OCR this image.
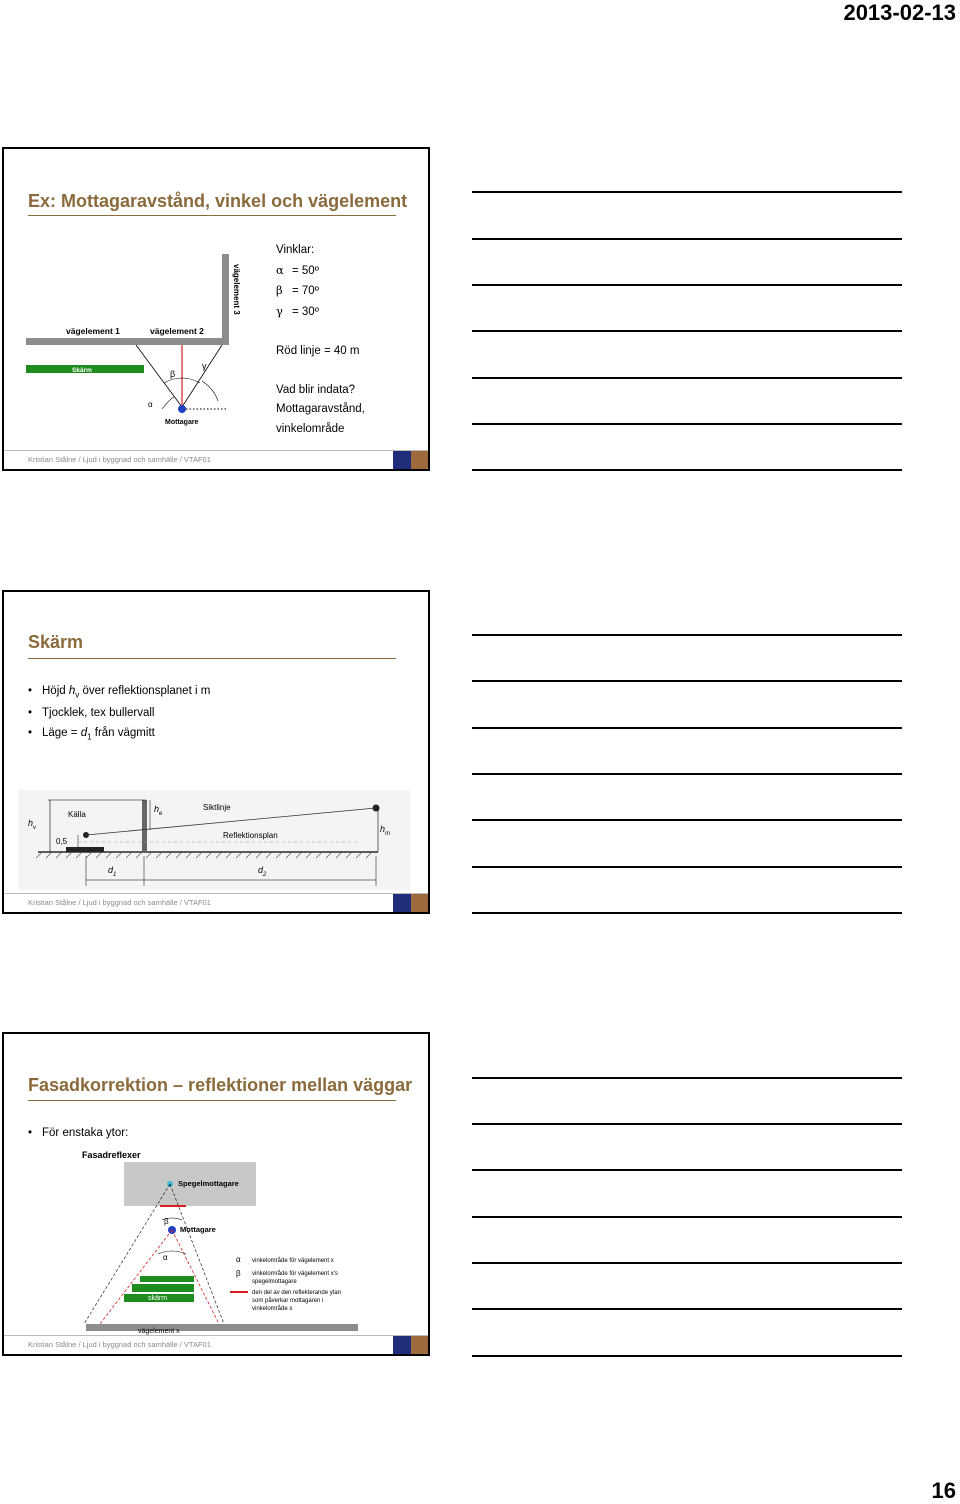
2013-02-13
Ex: Mottagaravstånd, vinkel och vägelement
vägelement 3
vägelement 1	vägelement 2
Skärm	β
γ
α
Mottagare
Vinklar:
α = 50º
β = 70º
γ = 30º

Röd linje = 40 m

Vad blir indata?
Mottagaravstånd,
vinkelområde
Kristian Stålne / Ljud i byggnad och samhälle / VTAF01
Skärm
• Höjd $h_v$ över reflektionsplanet i m
• Tjocklek, tex bullervall
• Läge = $d_1$ från vägmitt
Källa
Siktlinje
Reflektionsplan
0,5
$h_v$
$h_e$
$h_m$
$d_1$	$d_2$
Kristian Stålne / Ljud i byggnad och samhälle / VTAF01
Fasadkorrektion – reflektioner mellan väggar
• För enstaka ytor:
Fasadreflexer
Spegelmottagare
Mottagare
β
α
skärm
α vinkelområde för vägelement x
β vinkelområde för vägelement x's
spegelmottagare
den del av den reflekterande ytan
som påverkar mottagaren i
vinkelområde x
vägelement x
Kristian Stålne / Ljud i byggnad och samhälle / VTAF01
16
